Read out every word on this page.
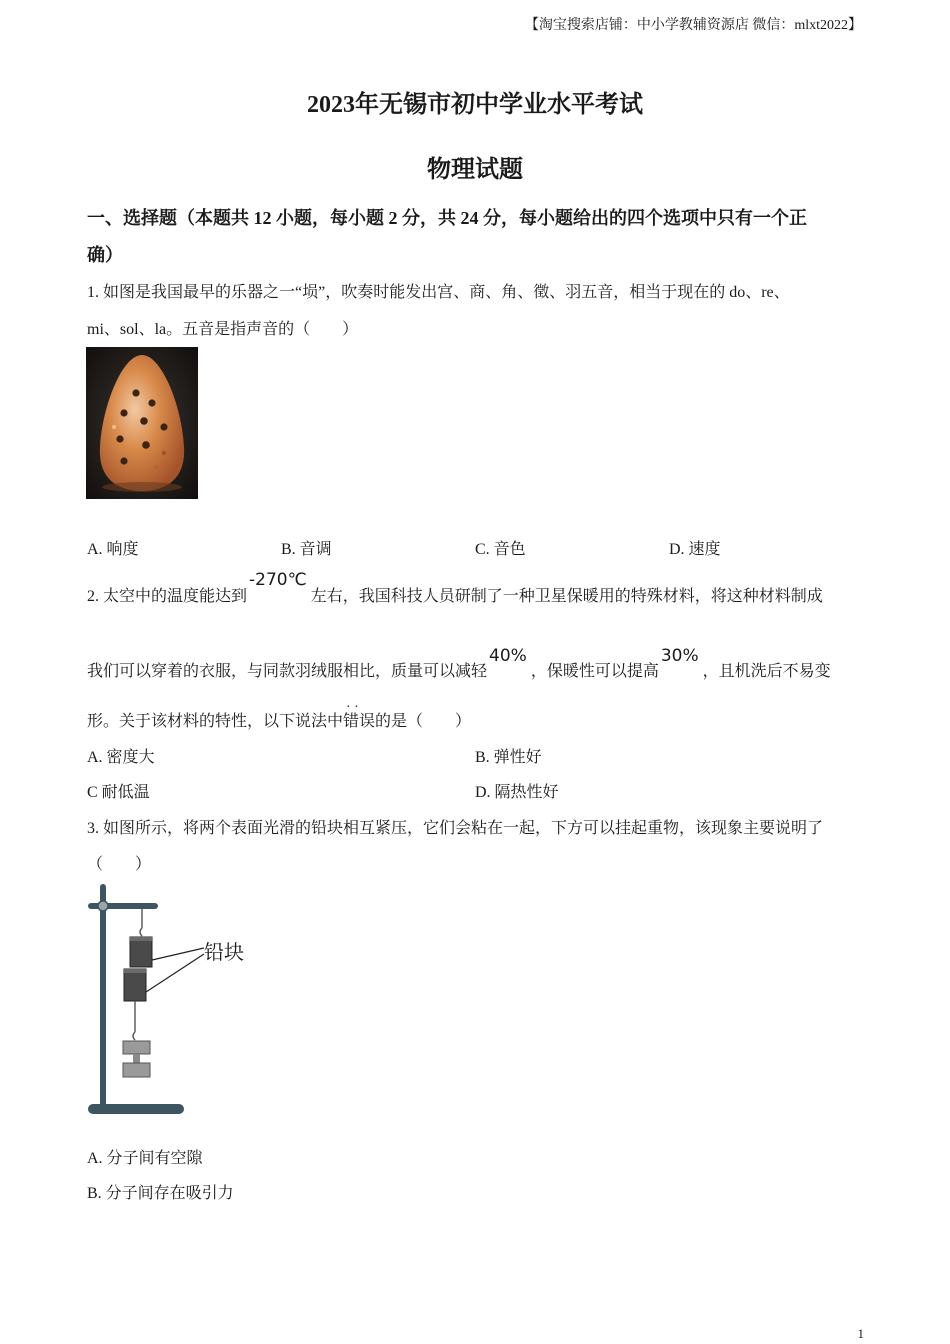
【淘宝搜索店铺：中小学教辅资源店 微信：mlxt2022】
2023年无锡市初中学业水平考试
物理试题
一、选择题（本题共 12 小题，每小题 2 分，共 24 分，每小题给出的四个选项中只有一个正
确）
1. 如图是我国最早的乐器之一“埙”，吹奏时能发出宫、商、角、徵、羽五音，相当于现在的 do、re、
mi、sol、la。五音是指声音的（　　）
A. 响度	B. 音调	C. 音色	D. 速度
2. 太空中的温度能达到-270℃左右，我国科技人员研制了一种卫星保暖用的特殊材料，将这种材料制成
我们可以穿着的衣服，与同款羽绒服相比，质量可以减轻40%，保暖性可以提高30%，且机洗后不易变
形。关于该材料的特性，以下说法中· · 错误的是（　　）
A. 密度大	B. 弹性好
C 耐低温	D. 隔热性好
3. 如图所示，将两个表面光滑的铅块相互紧压，它们会粘在一起，下方可以挂起重物，该现象主要说明了
（　　）
铅块
A. 分子间有空隙
B. 分子间存在吸引力
1
